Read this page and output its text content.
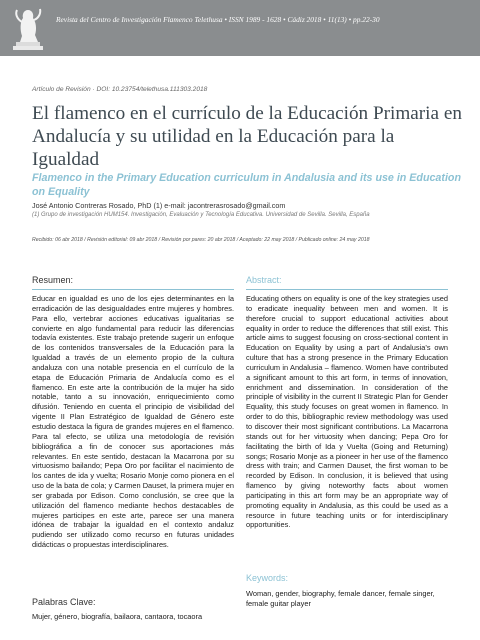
Revista del Centro de Investigación Flamenco Telethusa • ISSN 1989 - 1628 • Cádiz 2018 • 11(13) • pp.22-30
Artículo de Revisión · DOI: 10.23754/telethusa.111303.2018
El flamenco en el currículo de la Educación Primaria en Andalucía y su utilidad en la Educación para la Igualdad
Flamenco in the Primary Education curriculum in Andalusia and its use in Education on Equality
José Antonio Contreras Rosado, PhD (1) e-mail: jacontrerasrosado@gmail.com
(1) Grupo de investigación HUM154. Investigación, Evaluación y Tecnología Educativa. Universidad de Sevilla. Sevilla, España
Recibido: 06 abr 2018 / Revisión editorial: 09 abr 2018 / Revisión por pares: 20 abr 2018 / Aceptado: 22 may 2018 / Publicado online: 24 may 2018
Resumen:

Educar en igualdad es uno de los ejes determinantes en la erradicación de las desigualdades entre mujeres y hombres. Para ello, vertebrar acciones educativas igualitarias se convierte en algo fundamental para reducir las diferencias todavía existentes. Este trabajo pretende sugerir un enfoque de los contenidos transversales de la Educación para la Igualdad a través de un elemento propio de la cultura andaluza con una notable presencia en el currículo de la etapa de Educación Primaria de Andalucía como es el flamenco. En este arte la contribución de la mujer ha sido notable, tanto a su innovación, enriquecimiento como difusión. Teniendo en cuenta el principio de visibilidad del vigente II Plan Estratégico de Igualdad de Género este estudio destaca la figura de grandes mujeres en el flamenco. Para tal efecto, se utiliza una metodología de revisión bibliográfica a fin de conocer sus aportaciones más relevantes. En este sentido, destacan la Macarrona por su virtuosismo bailando; Pepa Oro por facilitar el nacimiento de los cantes de ida y vuelta; Rosario Monje como pionera en el uso de la bata de cola; y Carmen Dauset, la primera mujer en ser grabada por Edison. Como conclusión, se cree que la utilización del flamenco mediante hechos destacables de mujeres participes en este arte, parece ser una manera idónea de trabajar la igualdad en el contexto andaluz pudiendo ser utilizado como recurso en futuras unidades didácticas o propuestas interdisciplinares.

Palabras Clave:
Mujer, género, biografía, bailaora, cantaora, tocaora
Abstract:

Educating others on equality is one of the key strategies used to eradicate inequality between men and women. It is therefore crucial to support educational activities about equality in order to reduce the differences that still exist. This article aims to suggest focusing on cross-sectional content in Education on Equality by using a part of Andalusia’s own culture that has a strong presence in the Primary Education curriculum in Andalusia – flamenco. Women have contributed a significant amount to this art form, in terms of innovation, enrichment and dissemination. In consideration of the principle of visibility in the current II Strategic Plan for Gender Equality, this study focuses on great women in flamenco. In order to do this, bibliographic review methodology was used to discover their most significant contributions. La Macarrona stands out for her virtuosity when dancing; Pepa Oro for facilitating the birth of Ida y Vuelta (Going and Returning) songs; Rosario Monje as a pioneer in her use of the flamenco dress with train; and Carmen Dauset, the first woman to be recorded by Edison. In conclusion, it is believed that using flamenco by giving noteworthy facts about women participating in this art form may be an appropriate way of promoting equality in Andalusia, as this could be used as a resource in future teaching units or for interdisciplinary opportunities.

Keywords:
Woman, gender, biography, female dancer, female singer, female guitar player
